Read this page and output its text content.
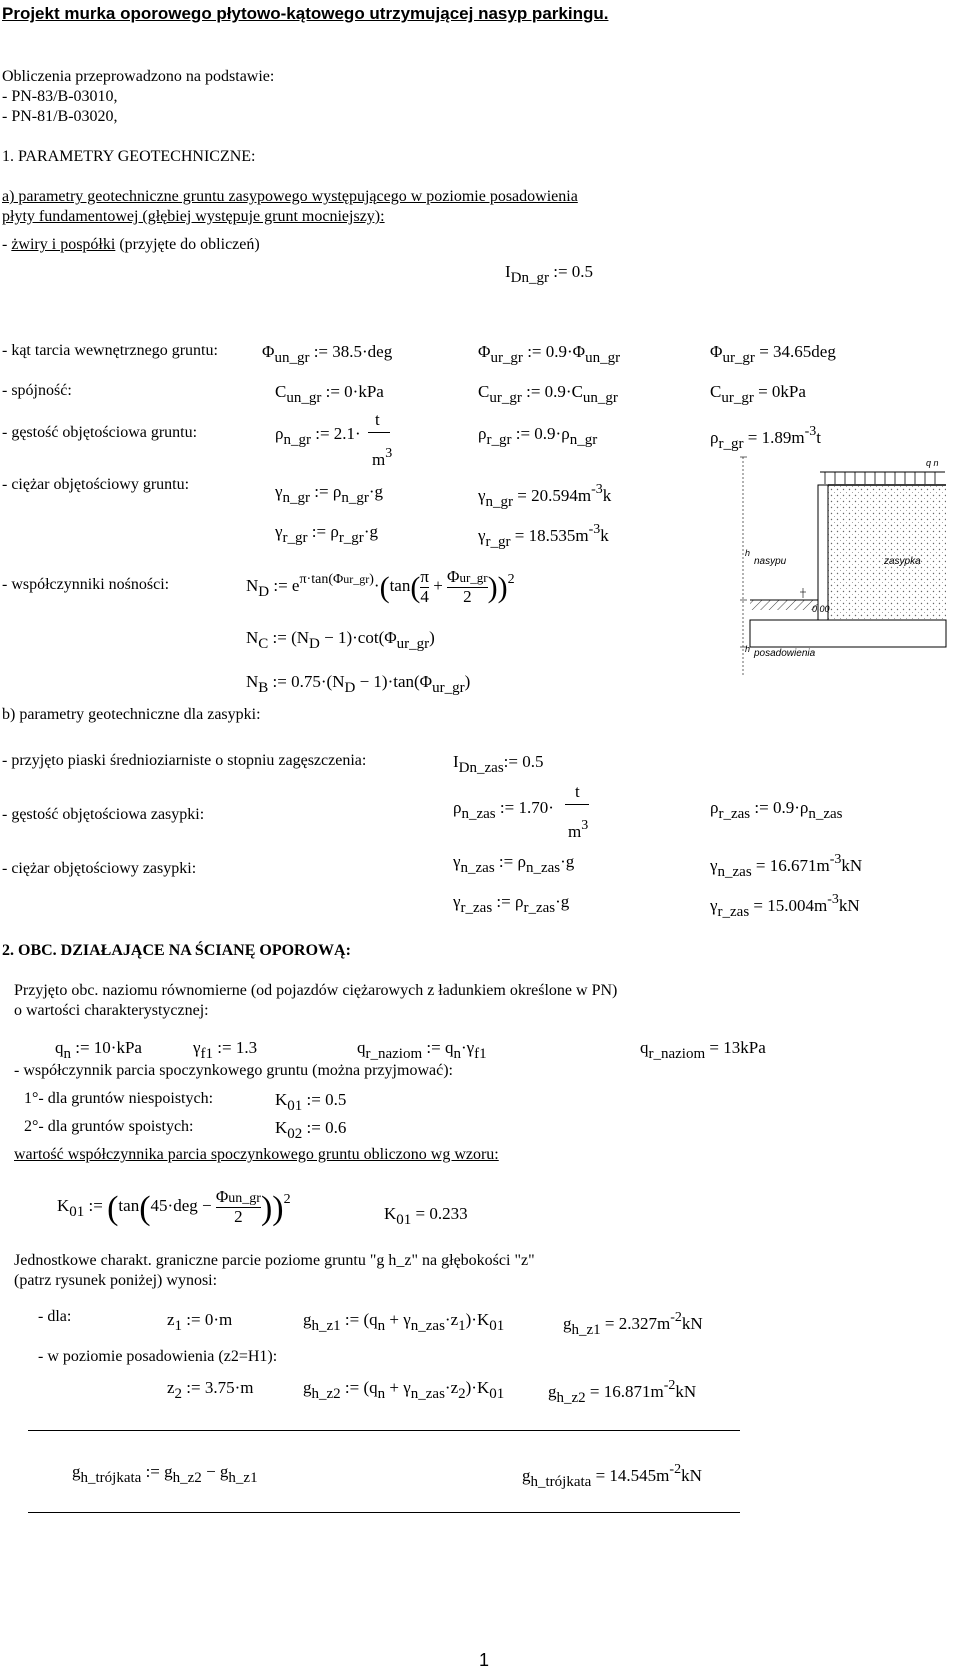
Projekt murka oporowego płytowo-kątowego utrzymującej nasyp parkingu.
Obliczenia przeprowadzono na podstawie:
- PN-83/B-03010,
- PN-81/B-03020,
1. PARAMETRY GEOTECHNICZNE:
a) parametry geotechniczne gruntu zasypowego występującego w poziomie posadowienia
płyty fundamentowej (głębiej występuje grunt mocniejszy):
- żwiry i pospółki (przyjęte do obliczeń)
IDn_gr := 0.5
- kąt tarcia wewnętrznego gruntu:	Φun_gr := 38.5·deg	Φur_gr := 0.9·Φun_gr	Φur_gr = 34.65deg
- spójność:	Cun_gr := 0·kPa	Cur_gr := 0.9·Cun_gr	Cur_gr = 0kPa
- gęstość objętościowa gruntu:	ρn_gr := 2.1·
t
$m^3$
ρr_gr := 0.9·ρn_gr	ρr_gr = $1.89m^{-3}t$
- ciężar objętościowy gruntu:	γn_gr := ρn_gr·g	γn_gr = $20.594m^{-3}k$
γr_gr := ρr_gr·g	γr_gr = $18.535m^{-3}k$
- współczynniki nośności:	ND := $e^{\pi\cdot tan(\Phi ur\_gr)}\cdot(\tan( \frac{\pi}{4} + \frac{\text{Φur\_gr}}{2} ))^2$
NC := (ND − 1)·cot(Φur_gr)
NB := 0.75·(ND − 1)·tan(Φur_gr)
q n
h
nasypu	zasypka
0.00
h posadowienia
b) parametry geotechniczne dla zasypki:
- przyjęto piaski średnioziarniste o stopniu zagęszczenia:	IDn_zas:= 0.5
- gęstość objętościowa zasypki:	ρn_zas := 1.70·
t
$m^3$
ρr_zas := 0.9·ρn_zas
- ciężar objętościowy zasypki:	γn_zas := ρn_zas·g	γn_zas = $16.671m^{-3}kN$
γr_zas := ρr_zas·g	γr_zas = $15.004m^{-3}kN$
2. OBC. DZIAŁAJĄCE NA ŚCIANĘ OPOROWĄ:
Przyjęto obc. naziomu równomierne (od pojazdów ciężarowych z ładunkiem określone w PN)
o wartości charakterystycznej:
qn := 10·kPa	γf1 := 1.3	qr_naziom := qn·γf1	qr_naziom = 13kPa
- współczynnik parcia spoczynkowego gruntu (można przyjmować):
1°- dla gruntów niespoistych:	K01 := 0.5
2°- dla gruntów spoistych:	K02 := 0.6
wartość współczynnika parcia spoczynkowego gruntu obliczono wg wzoru:
K01 := $(\tan(45\cdot deg - \frac{\text{Φun\_gr}}{2} ))^2$
K01 = 0.233
Jednostkowe charakt. graniczne parcie poziome gruntu "g h_z" na głębokości "z"
(patrz rysunek poniżej) wynosi:
- dla:	z1 := 0·m	gh_z1 := (qn + γn_zas·z1)·K01	gh_z1 = $2.327m^{-2}kN$
- w poziomie posadowienia (z2=H1):
z2 := 3.75·m	gh_z2 := (qn + γn_zas·z2)·K01	gh_z2 = $16.871m^{-2}kN$
gh_trójkata := gh_z2 − gh_z1	gh_trójkata = $14.545m^{-2}kN$
1
